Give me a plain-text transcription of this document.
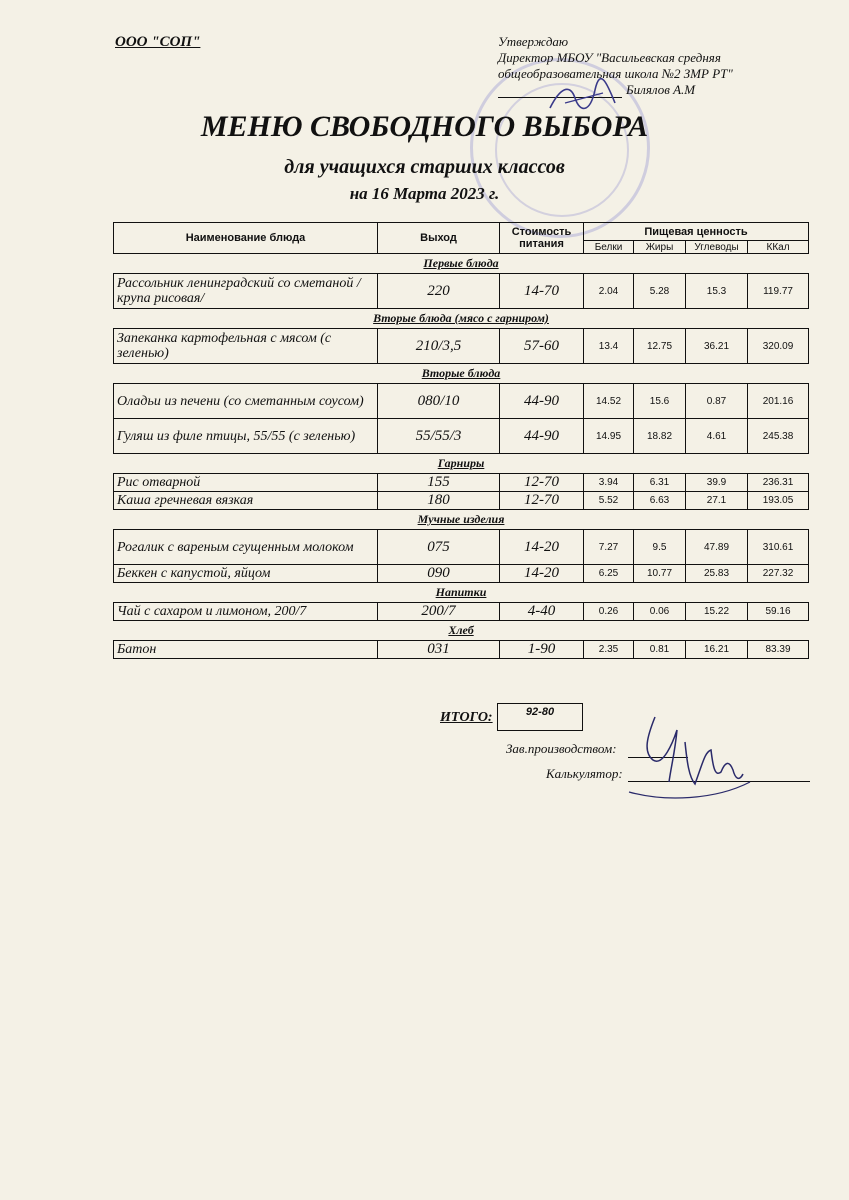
ООО "СОП"	Утверждаю
Директор МБОУ "Васильевская средняя
общеобразовательная школа №2 ЗМР РТ"
Билялов А.М
МЕНЮ СВОБОДНОГО ВЫБОРА
для учащихся старших классов
на 16 Марта 2023 г.
Наименование блюда	Выход	Стоимость питания	Пищевая ценность			
			Белки	Жиры	Углеводы	ККал
Первые блюда						
Рассольник ленинградский со сметаной /крупа рисовая/	220	14-70	2.04	5.28	15.3	119.77
Вторые блюда (мясо с гарниром)						
Запеканка картофельная с мясом (с зеленью)	210/3,5	57-60	13.4	12.75	36.21	320.09
Вторые блюда						
Оладьи из печени (со сметанным соусом)	080/10	44-90	14.52	15.6	0.87	201.16
Гуляш из филе птицы, 55/55 (с зеленью)	55/55/3	44-90	14.95	18.82	4.61	245.38
Гарниры						
Рис отварной	155	12-70	3.94	6.31	39.9	236.31
Каша гречневая вязкая	180	12-70	5.52	6.63	27.1	193.05
Мучные изделия						
Рогалик с вареным сгущенным молоком	075	14-20	7.27	9.5	47.89	310.61
Беккен с капустой, яйцом	090	14-20	6.25	10.77	25.83	227.32
Напитки						
Чай с сахаром и лимоном, 200/7	200/7	4-40	0.26	0.06	15.22	59.16
Хлеб						
Батон	031	1-90	2.35	0.81	16.21	83.39
ИТОГО:	92-80
Зав.производством:
Калькулятор:
